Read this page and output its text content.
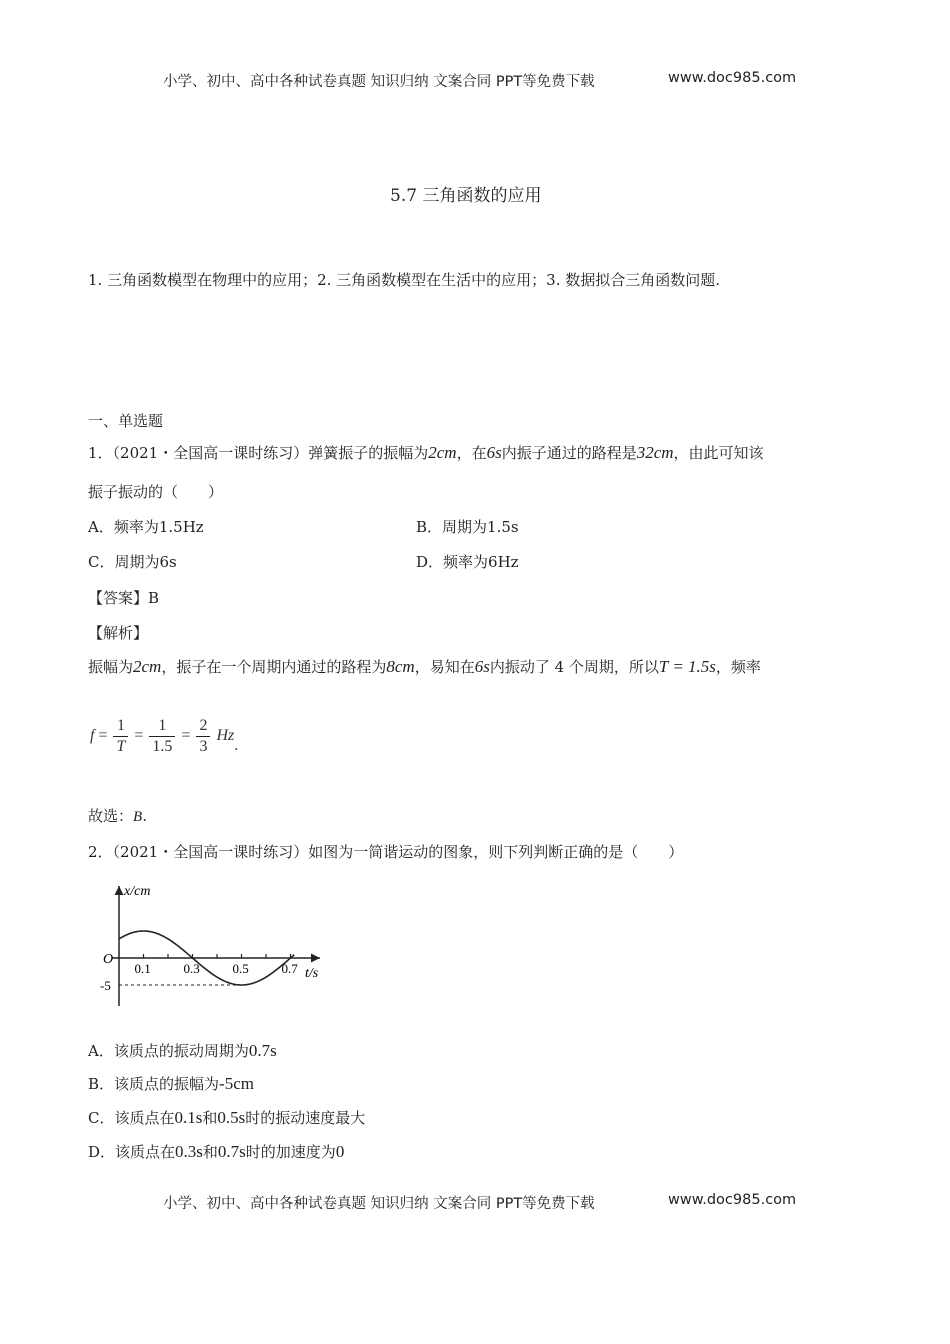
小学、初中、高中各种试卷真题 知识归纳 文案合同 PPT等免费下载	www.doc985.com
5.7 三角函数的应用
1. 三角函数模型在物理中的应用；2. 三角函数模型在生活中的应用；3. 数据拟合三角函数问题.
一、单选题
1．（2021・全国高一课时练习）弹簧振子的振幅为2cm，在6s内振子通过的路程是32cm，由此可知该
振子振动的（　　）
A．频率为1.5Hz	B．周期为1.5s
C．周期为6s	D．频率为6Hz
【答案】B
【解析】
振幅为2cm，振子在一个周期内通过的路程为8cm，易知在6s内振动了 4 个周期，所以T = 1.5s，频率
$f = \frac{1}{T} = \frac{1}{1.5} = \frac{2}{3} Hz$.
故选：B.
2．（2021・全国高一课时练习）如图为一简谐运动的图象，则下列判断正确的是（　　）
x/cm
t/s
O
0.1	0.3	0.5	0.7
-5
A．该质点的振动周期为0.7s
B．该质点的振幅为-5cm
C．该质点在0.1s和0.5s时的振动速度最大
D．该质点在0.3s和0.7s时的加速度为0
小学、初中、高中各种试卷真题 知识归纳 文案合同 PPT等免费下载	www.doc985.com
